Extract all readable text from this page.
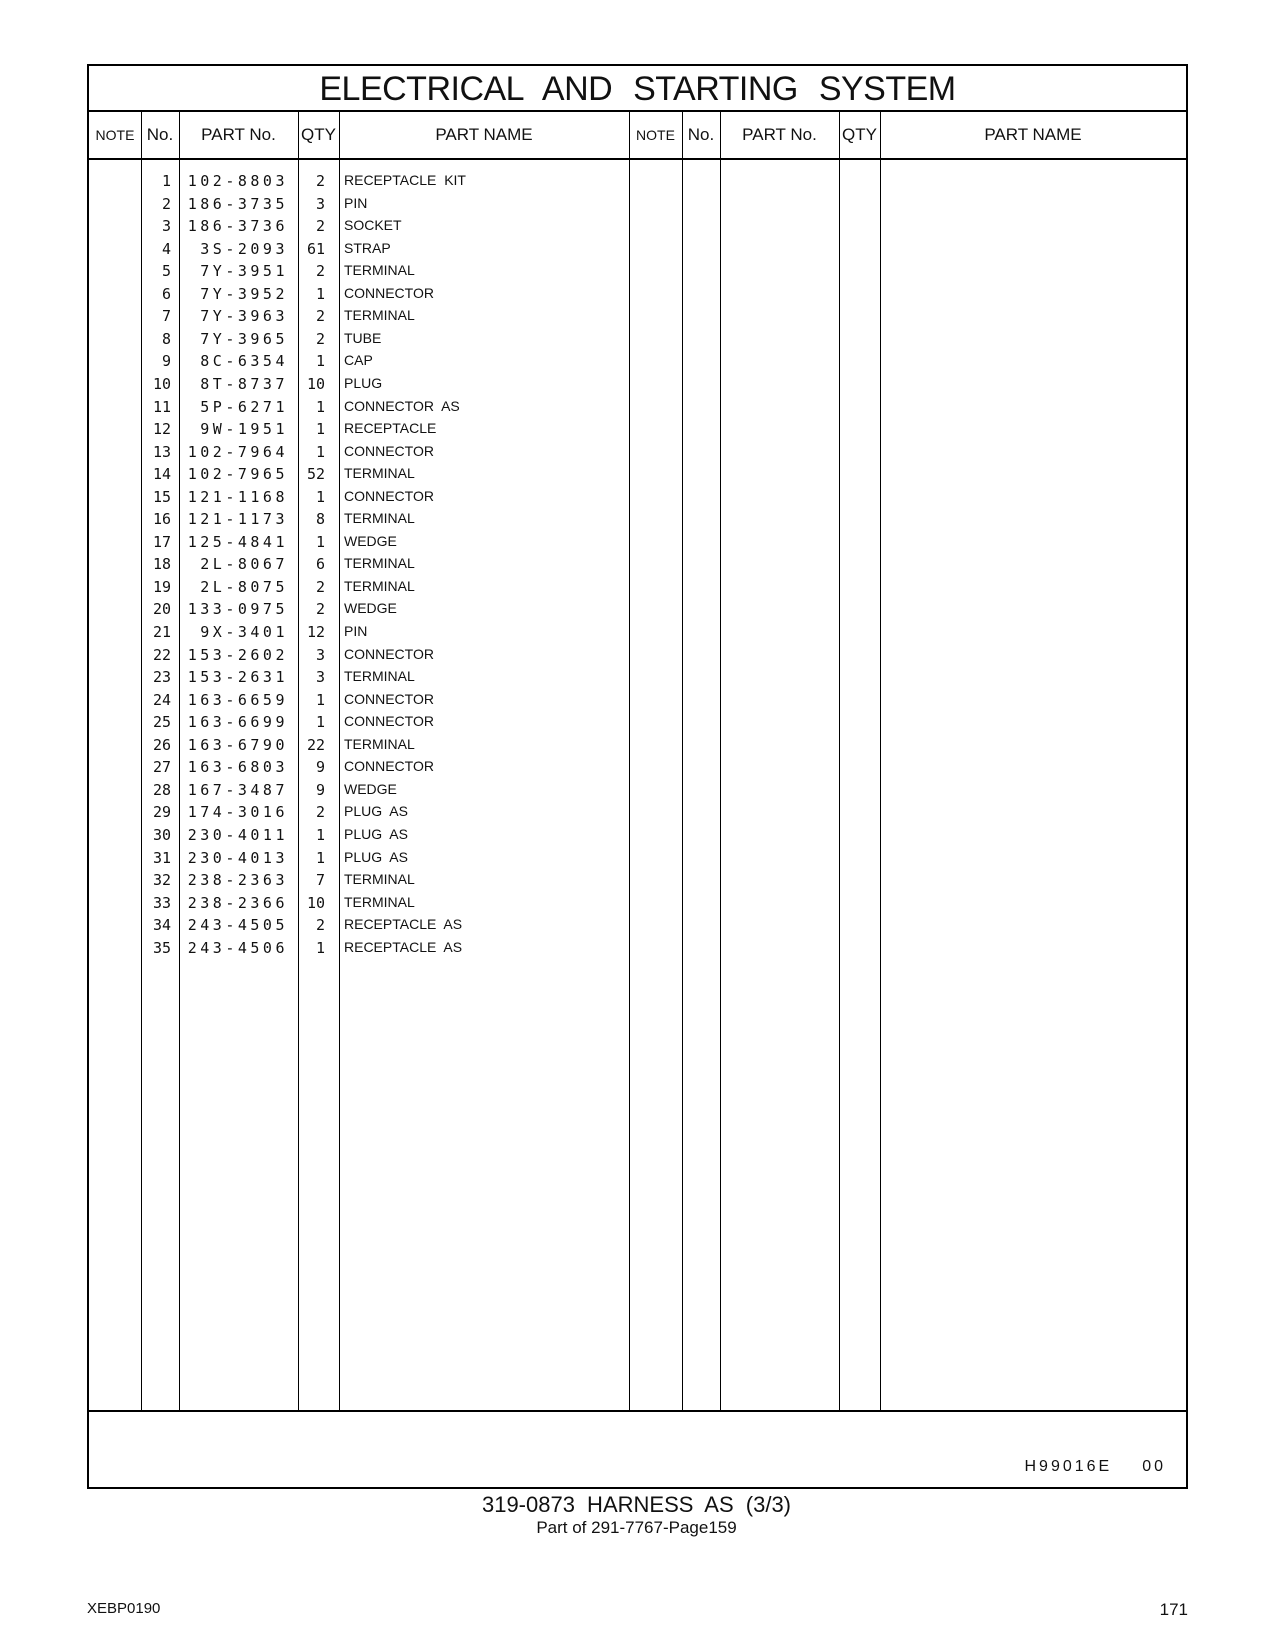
ELECTRICAL AND STARTING SYSTEM
NOTE No.	PART No.	QTY	PART NAME	NOTE No.	PART No.	QTY	PART NAME
1	102-8803	2 RECEPTACLE KIT
2	186-3735	3 PIN
3	186-3736	2 SOCKET
4	3S-2093	61 STRAP
5	7Y-3951	2 TERMINAL
6	7Y-3952	1 CONNECTOR
7	7Y-3963	2 TERMINAL
8	7Y-3965	2 TUBE
9	8C-6354	1 CAP
10	8T-8737	10 PLUG
11	5P-6271	1 CONNECTOR AS
12	9W-1951	1 RECEPTACLE
13	102-7964	1 CONNECTOR
14	102-7965	52 TERMINAL
15	121-1168	1 CONNECTOR
16	121-1173	8 TERMINAL
17	125-4841	1 WEDGE
18	2L-8067	6 TERMINAL
19	2L-8075	2 TERMINAL
20	133-0975	2 WEDGE
21	9X-3401	12 PIN
22	153-2602	3 CONNECTOR
23	153-2631	3 TERMINAL
24	163-6659	1 CONNECTOR
25	163-6699	1 CONNECTOR
26	163-6790	22 TERMINAL
27	163-6803	9 CONNECTOR
28	167-3487	9 WEDGE
29	174-3016	2 PLUG AS
30	230-4011	1 PLUG AS
31	230-4013	1 PLUG AS
32	238-2363	7 TERMINAL
33	238-2366	10 TERMINAL
34	243-4505	2 RECEPTACLE AS
35	243-4506	1 RECEPTACLE AS
H99016E 00
319-0873 HARNESS AS (3/3)
Part of 291-7767-Page159
XEBP0190	171
